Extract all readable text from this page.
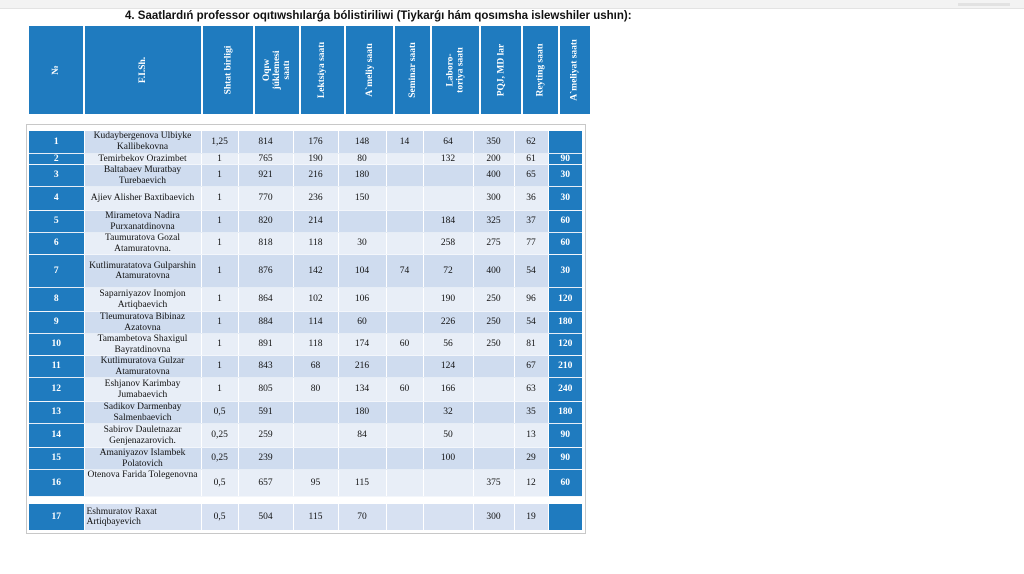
4. Saatlardıń professor oqıtıwshılarǵa bólistiriliwi (Tiykarǵı hám qosımsha islewshiler ushın):
№	F.I.Sh.	Shtat birligi	Oqıw júklemesi saatı	Lektsiya saatı	A`meliy saatı	Seminar saatı	Laboro-toriya saatı	PQJ, MD lar	Reyting saatı	A`meliyat saatı
1	Kudaybergenova Ulbiyke Kallibekovna	1,25	814	176	148	14	64	350	62	
2	Temirbekov Orazimbet	1	765	190	80		132	200	61	90
3	Baltabaev Muratbay Turebaevich	1	921	216	180			400	65	30
4	Ajiev Alisher Baxtibaevich	1	770	236	150			300	36	30
5	Mirametova Nadira Purxanatdinovna	1	820	214			184	325	37	60
6	Taumuratova Gozal Atamuratovna.	1	818	118	30		258	275	77	60
7	Kutlimuratatova Gulparshin Atamuratovna	1	876	142	104	74	72	400	54	30
8	Saparniyazov Inomjon Artiqbaevich	1	864	102	106		190	250	96	120
9	Tleumuratova Bibinaz Azatovna	1	884	114	60		226	250	54	180
10	Tamambetova Shaxigul Bayratdinovna	1	891	118	174	60	56	250	81	120
11	Kutlimuratova Gulzar Atamuratovna	1	843	68	216		124		67	210
12	Eshjanov Karimbay Jumabaevich	1	805	80	134	60	166		63	240
13	Sadikov Darmenbay Salmenbaevich	0,5	591		180		32		35	180
14	Sabirov Dauletnazar Genjenazarovich.	0,25	259		84		50		13	90
15	Amaniyazov Islambek Polatovich	0,25	239				100		29	90
16	Otenova Farida Tolegenovna	0,5	657	95	115			375	12	60

17	Eshmuratov Raxat Artiqbayevich	0,5	504	115	70			300	19	
